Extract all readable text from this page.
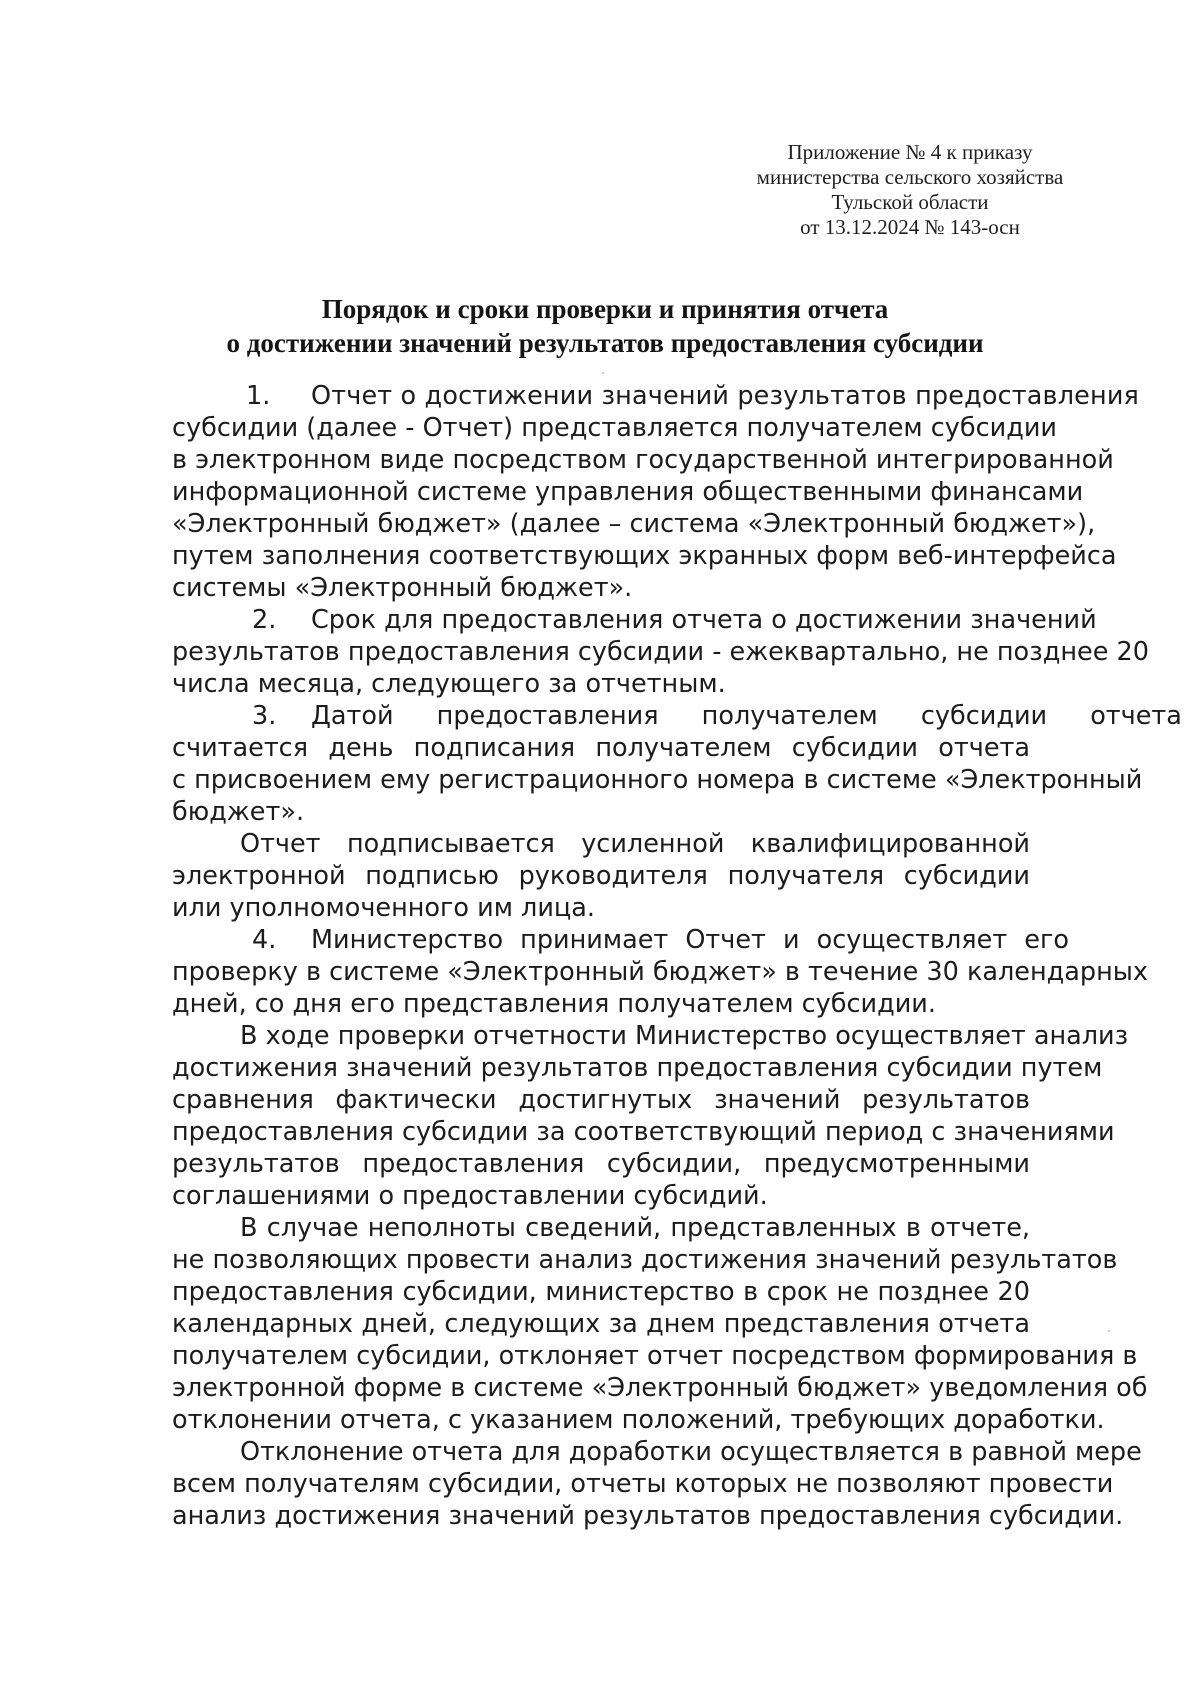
Приложение № 4 к приказу
министерства сельского хозяйства
Тульской области
от 13.12.2024 № 143-осн
Порядок и сроки проверки и принятия отчета
о достижении значений результатов предоставления субсидии
1. Отчет о достижении значений результатов предоставления
субсидии (далее - Отчет) представляется получателем субсидии
в электронном виде посредством государственной интегрированной
информационной системе управления общественными финансами
«Электронный бюджет» (далее – система «Электронный бюджет»),
путем заполнения соответствующих экранных форм веб-интерфейса
системы «Электронный бюджет».
2. Срок для предоставления отчета о достижении значений
результатов предоставления субсидии - ежеквартально, не позднее 20
числа месяца, следующего за отчетным.
3. Датой предоставления получателем субсидии отчета
считается день подписания получателем субсидии отчета
с присвоением ему регистрационного номера в системе «Электронный
бюджет».
Отчет подписывается усиленной квалифицированной
электронной подписью руководителя получателя субсидии
или уполномоченного им лица.
4. Министерство принимает Отчет и осуществляет его
проверку в системе «Электронный бюджет» в течение 30 календарных
дней, со дня его представления получателем субсидии.
В ходе проверки отчетности Министерство осуществляет анализ
достижения значений результатов предоставления субсидии путем
сравнения фактически достигнутых значений результатов
предоставления субсидии за соответствующий период с значениями
результатов предоставления субсидии, предусмотренными
соглашениями о предоставлении субсидий.
В случае неполноты сведений, представленных в отчете,
не позволяющих провести анализ достижения значений результатов
предоставления субсидии, министерство в срок не позднее 20
календарных дней, следующих за днем представления отчета
получателем субсидии, отклоняет отчет посредством формирования в
электронной форме в системе «Электронный бюджет» уведомления об
отклонении отчета, с указанием положений, требующих доработки.
Отклонение отчета для доработки осуществляется в равной мере
всем получателям субсидии, отчеты которых не позволяют провести
анализ достижения значений результатов предоставления субсидии.
